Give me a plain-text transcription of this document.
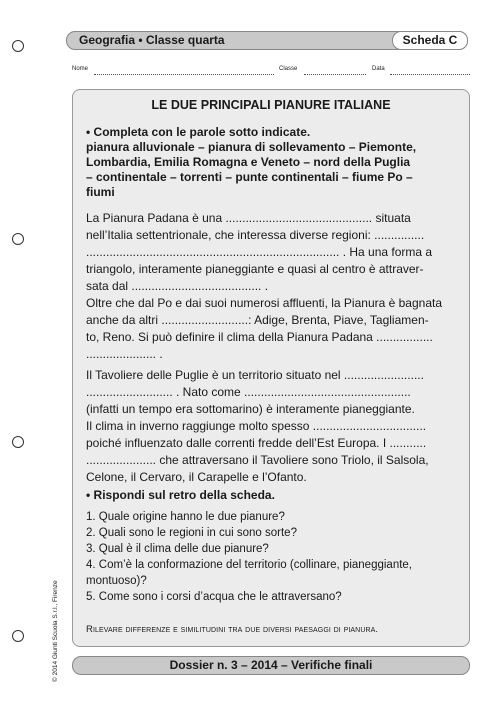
Geografia • Classe quarta	Scheda C
Nome	Classe	Data
© 2014 Giunti Scuola S.r.l., Firenze
LE DUE PRINCIPALI PIANURE ITALIANE
• Completa con le parole sotto indicate.
pianura alluvionale – pianura di sollevamento – Piemonte,
Lombardia, Emilia Romagna e Veneto – nord della Puglia
– continentale – torrenti – punte continentali – fiume Po –
fiumi
La Pianura Padana è una ............................................ situata
nell’Italia settentrionale, che interessa diverse regioni: ...............
............................................................................ . Ha una forma a
triangolo, interamente pianeggiante e quasi al centro è attraver-
sata dal ....................................... .
Oltre che dal Po e dai suoi numerosi affluenti, la Pianura è bagnata
anche da altri ..........................: Adige, Brenta, Piave, Tagliamen-
to, Reno. Si può definire il clima della Pianura Padana .................
..................... .
Il Tavoliere delle Puglie è un territorio situato nel ........................
.......................... . Nato come ..................................................
(infatti un tempo era sottomarino) è interamente pianeggiante.
Il clima in inverno raggiunge molto spesso ..................................
poiché influenzato dalle correnti fredde dell’Est Europa. I ...........
..................... che attraversano il Tavoliere sono Triolo, il Salsola,
Celone, il Cervaro, il Carapelle e l’Ofanto.
• Rispondi sul retro della scheda.
1. Quale origine hanno le due pianure?
2. Quali sono le regioni in cui sono sorte?
3. Qual è il clima delle due pianure?
4. Com’è la conformazione del territorio (collinare, pianeggiante,
montuoso)?
5. Come sono i corsi d’acqua che le attraversano?
Rilevare differenze e similitudini tra due diversi paesaggi di pianura.
Dossier n. 3 – 2014 – Verifiche finali
